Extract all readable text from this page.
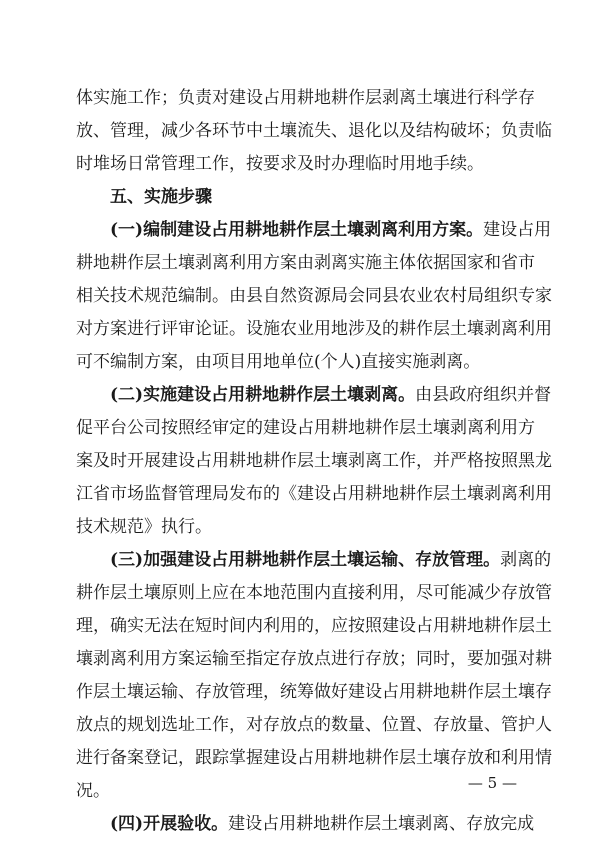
体实施工作；负责对建设占用耕地耕作层剥离土壤进行科学存
放、管理，减少各环节中土壤流失、退化以及结构破坏；负责临
时堆场日常管理工作，按要求及时办理临时用地手续。
五、实施步骤
(一)编制建设占用耕地耕作层土壤剥离利用方案。建设占用
耕地耕作层土壤剥离利用方案由剥离实施主体依据国家和省市
相关技术规范编制。由县自然资源局会同县农业农村局组织专家
对方案进行评审论证。设施农业用地涉及的耕作层土壤剥离利用
可不编制方案，由项目用地单位(个人)直接实施剥离。
(二)实施建设占用耕地耕作层土壤剥离。由县政府组织并督
促平台公司按照经审定的建设占用耕地耕作层土壤剥离利用方
案及时开展建设占用耕地耕作层土壤剥离工作，并严格按照黑龙
江省市场监督管理局发布的《建设占用耕地耕作层土壤剥离利用
技术规范》执行。
(三)加强建设占用耕地耕作层土壤运输、存放管理。剥离的
耕作层土壤原则上应在本地范围内直接利用，尽可能减少存放管
理，确实无法在短时间内利用的，应按照建设占用耕地耕作层土
壤剥离利用方案运输至指定存放点进行存放；同时，要加强对耕
作层土壤运输、存放管理，统筹做好建设占用耕地耕作层土壤存
放点的规划选址工作，对存放点的数量、位置、存放量、管护人
进行备案登记，跟踪掌握建设占用耕地耕作层土壤存放和利用情
况。
(四)开展验收。建设占用耕地耕作层土壤剥离、存放完成
— 5 —
